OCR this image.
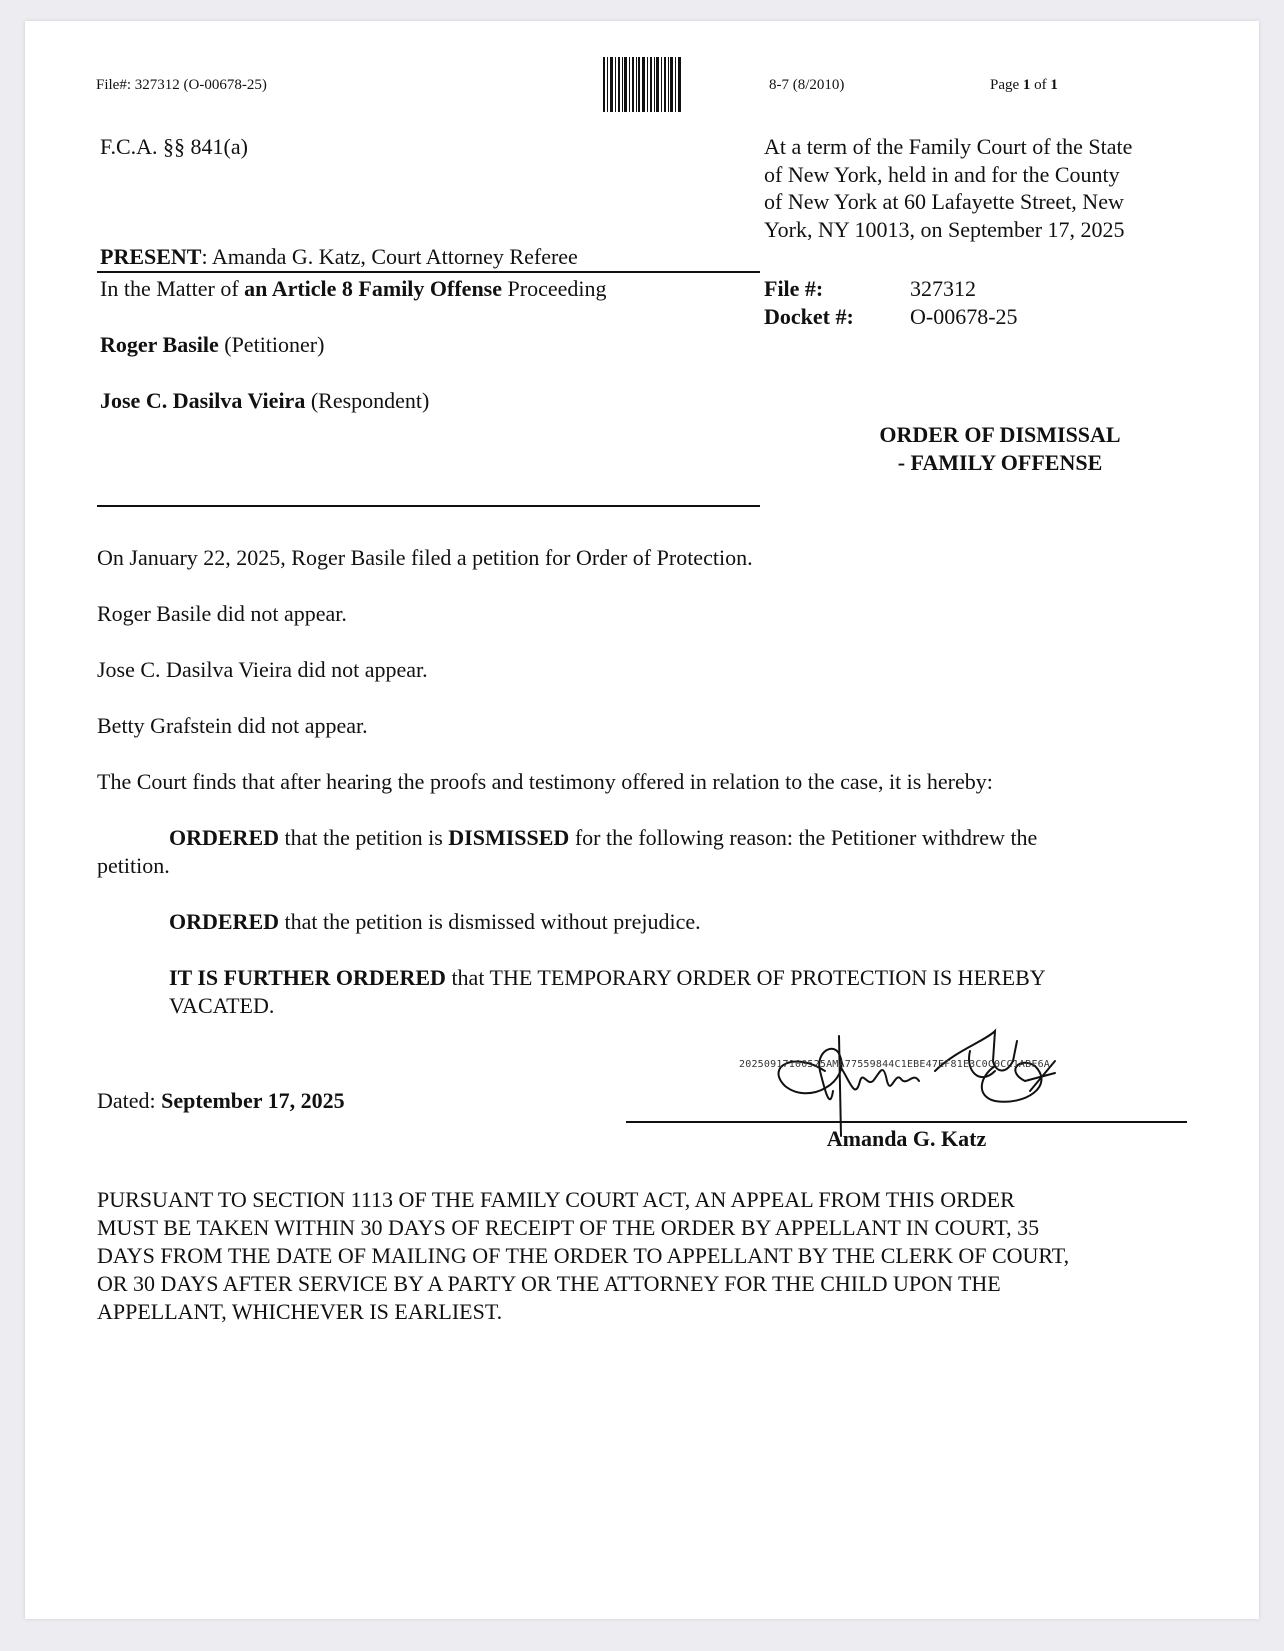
File#: 327312 (O-00678-25)	8-7 (8/2010)	Page 1 of 1
F.C.A. §§ 841(a)	At a term of the Family Court of the State
of New York, held in and for the County
of New York at 60 Lafayette Street, New
York, NY 10013, on September 17, 2025
PRESENT: Amanda G. Katz, Court Attorney Referee
In the Matter of an Article 8 Family Offense Proceeding	File #:	327312
Docket #:	O-00678-25
Roger Basile (Petitioner)
Jose C. Dasilva Vieira (Respondent)
ORDER OF DISMISSAL
- FAMILY OFFENSE
On January 22, 2025, Roger Basile filed a petition for Order of Protection.
Roger Basile did not appear.
Jose C. Dasilva Vieira did not appear.
Betty Grafstein did not appear.
The Court finds that after hearing the proofs and testimony offered in relation to the case, it is hereby:
ORDERED that the petition is DISMISSED for the following reason: the Petitioner withdrew the
petition.
ORDERED that the petition is dismissed without prejudice.
IT IS FURTHER ORDERED that THE TEMPORARY ORDER OF PROTECTION IS HEREBY
VACATED.
20250917100525AMA77559844C1EBE47EF81E3C0C0CC1ABF6A
Dated: September 17, 2025
Amanda G. Katz
PURSUANT TO SECTION 1113 OF THE FAMILY COURT ACT, AN APPEAL FROM THIS ORDER
MUST BE TAKEN WITHIN 30 DAYS OF RECEIPT OF THE ORDER BY APPELLANT IN COURT, 35
DAYS FROM THE DATE OF MAILING OF THE ORDER TO APPELLANT BY THE CLERK OF COURT,
OR 30 DAYS AFTER SERVICE BY A PARTY OR THE ATTORNEY FOR THE CHILD UPON THE
APPELLANT, WHICHEVER IS EARLIEST.
